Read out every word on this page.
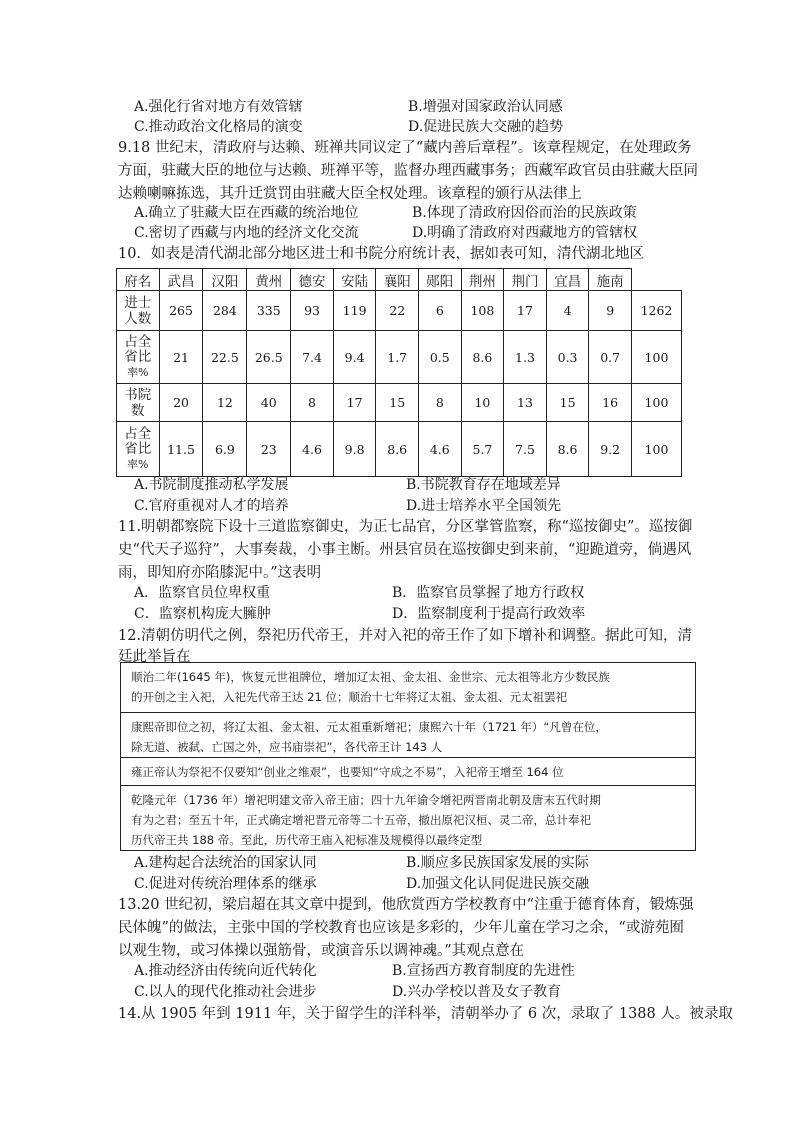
A.强化行省对地方有效管辖	B.增强对国家政治认同感
C.推动政治文化格局的演变	D.促进民族大交融的趋势
9.18 世纪末，清政府与达赖、班禅共同议定了“藏内善后章程”。该章程规定，在处理政务
方面，驻藏大臣的地位与达赖、班禅平等，监督办理西藏事务；西藏军政官员由驻藏大臣同
达赖喇嘛拣选，其升迁赏罚由驻藏大臣全权处理。该章程的颁行从法律上
A.确立了驻藏大臣在西藏的统治地位	B.体现了清政府因俗而治的民族政策
C.密切了西藏与内地的经济文化交流	D.明确了清政府对西藏地方的管辖权
10．如表是清代湖北部分地区进士和书院分府统计表，据如表可知，清代湖北地区
府名	武昌	汉阳	黄州	德安	安陆	襄阳	郧阳	荆州	荆门	宜昌	施南	
进士
人数	265	284	335	93	119	22	6	108	17	4	9	1262
占全
省比
率%	21	22.5	26.5	7.4	9.4	1.7	0.5	8.6	1.3	0.3	0.7	100
书院
数	20	12	40	8	17	15	8	10	13	15	16	100
占全
省比
率%	11.5	6.9	23	4.6	9.8	8.6	4.6	5.7	7.5	8.6	9.2	100
A.书院制度推动私学发展	B.书院教育存在地域差异
C.官府重视对人才的培养	D.进士培养水平全国领先
11.明朝都察院下设十三道监察御史，为正七品官，分区掌管监察，称“巡按御史”。巡按御
史“代天子巡狩”，大事奏裁，小事主断。州县官员在巡按御史到来前，“迎跪道旁，倘遇风
雨，即知府亦陷膝泥中。”这表明
A．监察官员位卑权重	B．监察官员掌握了地方行政权
C．监察机构庞大臃肿	D．监察制度利于提高行政效率
12.清朝仿明代之例，祭祀历代帝王，并对入祀的帝王作了如下增补和调整。据此可知，清
廷此举旨在
顺治二年(1645 年)，恢复元世祖牌位，增加辽太祖、金太祖、金世宗、元太祖等北方少数民族
的开创之主入祀，入祀先代帝王达 21 位；顺治十七年将辽太祖、金太祖、元太祖罢祀
康熙帝即位之初，将辽太祖、金太祖、元太祖重新增祀；康熙六十年（1721 年）“凡曾在位，
除无道、被弑、亡国之外，应书庙崇祀”，各代帝王计 143 人
雍正帝认为祭祀不仅要知“创业之维艰”，也要知“守成之不易”，入祀帝王增至 164 位
乾隆元年（1736 年）增祀明建文帝入帝王庙；四十九年谕令增祀两晋南北朝及唐末五代时期
有为之君；至五十年，正式确定增祀晋元帝等二十五帝，撤出原祀汉桓、灵二帝，总计奉祀
历代帝王共 188 帝。至此，历代帝王庙入祀标准及规模得以最终定型
A.建构起合法统治的国家认同	B.顺应多民族国家发展的实际
C.促进对传统治理体系的继承	D.加强文化认同促进民族交融
13.20 世纪初，梁启超在其文章中提到，他欣赏西方学校教育中“注重于德育体育，锻炼强
民体魄”的做法，主张中国的学校教育也应该是多彩的，少年儿童在学习之余，“或游苑囿
以观生物，或习体操以强筋骨，或演音乐以调神魂。”其观点意在
A.推动经济由传统向近代转化	B.宣扬西方教育制度的先进性
C.以人的现代化推动社会进步	D.兴办学校以普及女子教育
14.从 1905 年到 1911 年，关于留学生的洋科举，清朝举办了 6 次，录取了 1388 人。被录取
